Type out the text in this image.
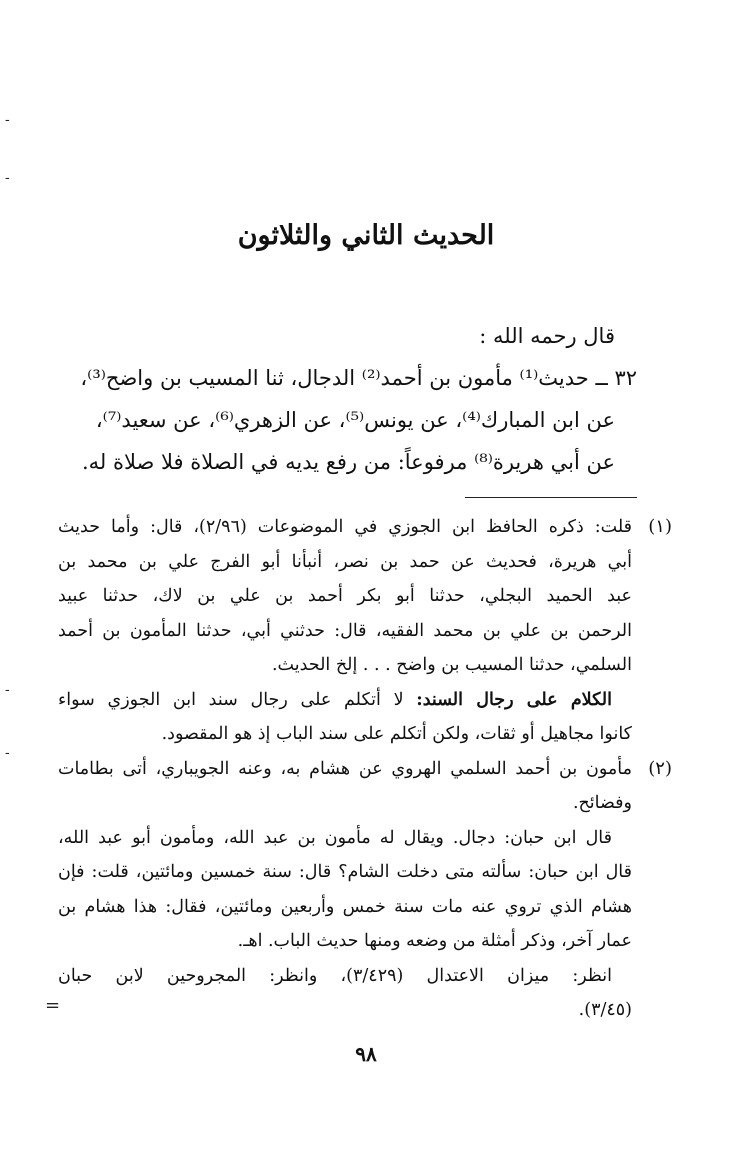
الحديث الثاني والثلاثون
قال رحمه الله :
٣٢ ــ حديث⁽¹⁾ مأمون بن أحمد⁽²⁾ الدجال، ثنا المسيب بن واضح⁽³⁾،
عن ابن المبارك⁽⁴⁾، عن يونس⁽⁵⁾، عن الزهري⁽⁶⁾، عن سعيد⁽⁷⁾،
عن أبي هريرة⁽⁸⁾ مرفوعاً: من رفع يديه في الصلاة فلا صلاة له.
(١)
قلت: ذكره الحافظ ابن الجوزي في الموضوعات (٢/٩٦)، قال: وأما حديث
أبي هريرة، فحديث عن حمد بن نصر، أنبأنا أبو الفرج علي بن محمد بن
عبد الحميد البجلي، حدثنا أبو بكر أحمد بن علي بن لاك، حدثنا عبيد
الرحمن بن علي بن محمد الفقيه، قال: حدثني أبي، حدثنا المأمون بن أحمد
السلمي، حدثنا المسيب بن واضح . . . إلخ الحديث.
الكلام على رجال السند: لا أتكلم على رجال سند ابن الجوزي سواء
كانوا مجاهيل أو ثقات، ولكن أتكلم على سند الباب إذ هو المقصود.
(٢)
مأمون بن أحمد السلمي الهروي عن هشام به، وعنه الجويباري، أتى بطامات
وفضائح.
قال ابن حبان: دجال. ويقال له مأمون بن عبد الله، ومأمون أبو عبد الله،
قال ابن حبان: سألته متى دخلت الشام؟ قال: سنة خمسين ومائتين، قلت: فإن
هشام الذي تروي عنه مات سنة خمس وأربعين ومائتين، فقال: هذا هشام بن
عمار آخر، وذكر أمثلة من وضعه ومنها حديث الباب. اهـ.
انظر: ميزان الاعتدال (٣/٤٢٩)، وانظر: المجروحين لابن حبان
(٣/٤٥).
٩٨
-
-
-
-
=
